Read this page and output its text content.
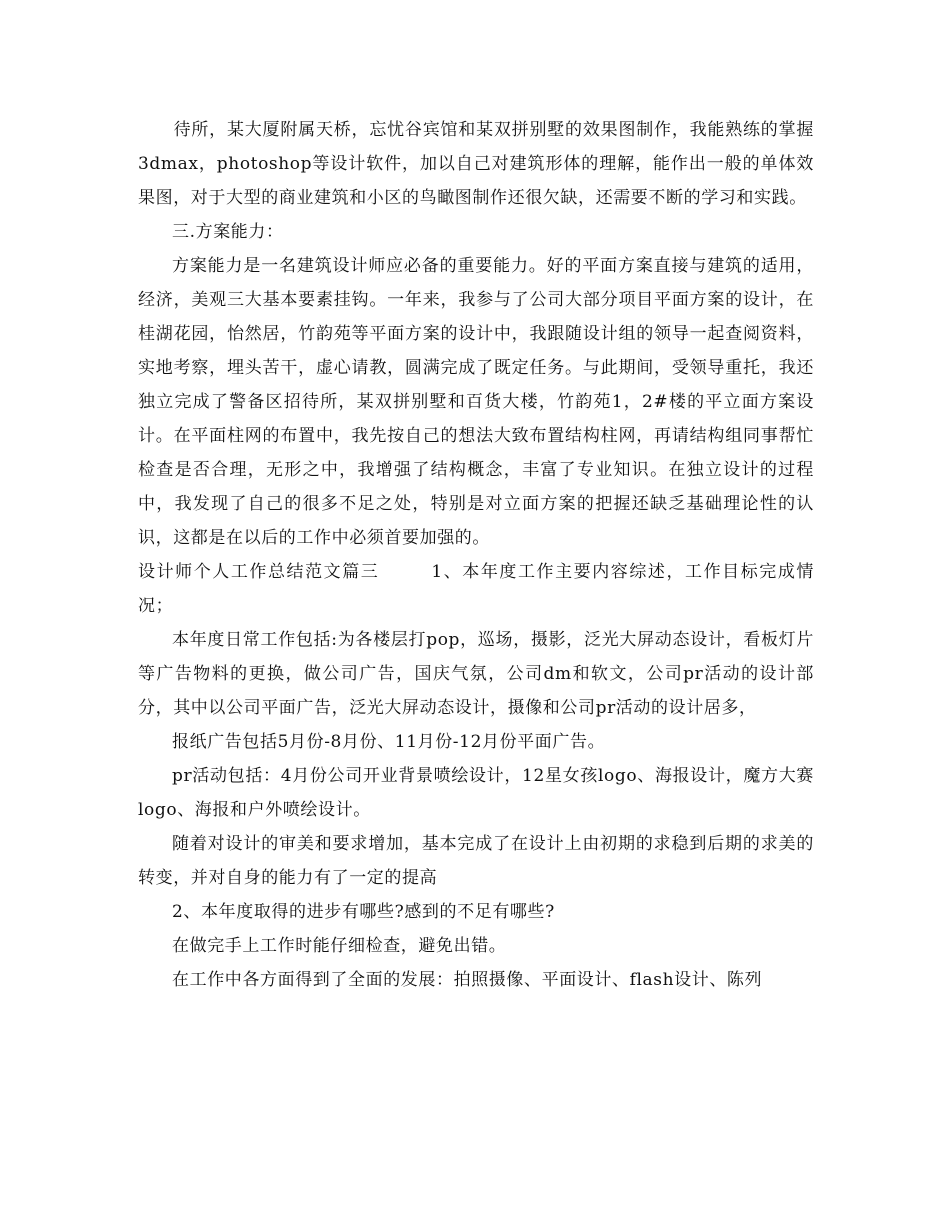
　　待所，某大厦附属天桥，忘忧谷宾馆和某双拼别墅的效果图制作，我能熟练的掌握3dmax，photoshop等设计软件，加以自己对建筑形体的理解，能作出一般的单体效果图，对于大型的商业建筑和小区的鸟瞰图制作还很欠缺，还需要不断的学习和实践。

三.方案能力：

方案能力是一名建筑设计师应必备的重要能力。好的平面方案直接与建筑的适用，经济，美观三大基本要素挂钩。一年来，我参与了公司大部分项目平面方案的设计，在桂湖花园，怡然居，竹韵苑等平面方案的设计中，我跟随设计组的领导一起查阅资料，实地考察，埋头苦干，虚心请教，圆满完成了既定任务。与此期间，受领导重托，我还独立完成了警备区招待所，某双拼别墅和百货大楼，竹韵苑1，2#楼的平立面方案设计。在平面柱网的布置中，我先按自己的想法大致布置结构柱网，再请结构组同事帮忙检查是否合理，无形之中，我增强了结构概念，丰富了专业知识。在独立设计的过程中，我发现了自己的很多不足之处，特别是对立面方案的把握还缺乏基础理论性的认识，这都是在以后的工作中必须首要加强的。

设计师个人工作总结范文篇三	1、本年度工作主要内容综述，工作目标完成情况；

本年度日常工作包括:为各楼层打pop，巡场，摄影，泛光大屏动态设计，看板灯片等广告物料的更换，做公司广告，国庆气氛，公司dm和软文，公司pr活动的设计部分，其中以公司平面广告，泛光大屏动态设计，摄像和公司pr活动的设计居多，

报纸广告包括5月份-8月份、11月份-12月份平面广告。

pr活动包括：4月份公司开业背景喷绘设计，12星女孩logo、海报设计，魔方大赛logo、海报和户外喷绘设计。

随着对设计的审美和要求增加，基本完成了在设计上由初期的求稳到后期的求美的转变，并对自身的能力有了一定的提高

2、本年度取得的进步有哪些?感到的不足有哪些?

在做完手上工作时能仔细检查，避免出错。

在工作中各方面得到了全面的发展：拍照摄像、平面设计、flash设计、陈列
